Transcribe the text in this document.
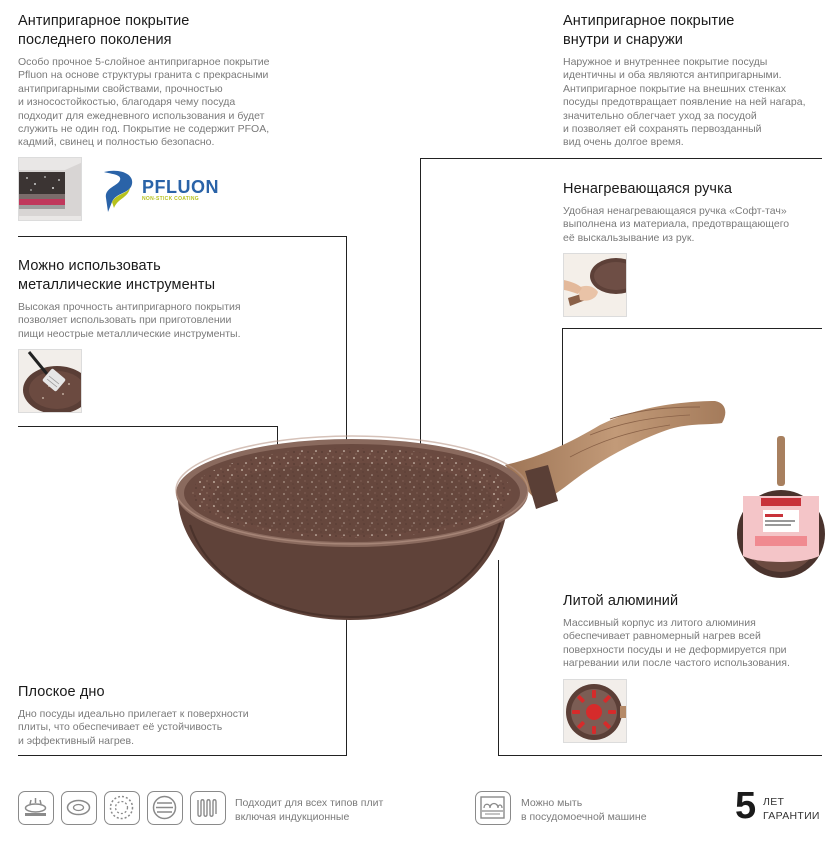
Антипригарное покрытие
последнего поколения
Особо прочное 5-слойное антипригарное покрытие
Pfluon на основе структуры гранита с прекрасными
антипригарными свойствами, прочностью
и износостойкостью, благодаря чему посуда
подходит для ежедневного использования и будет
служить не один год. Покрытие не содержит PFOA,
кадмий, свинец и полностью безопасно.
PFLUON
NON-STICK COATING
Антипригарное покрытие
внутри и снаружи
Наружное и внутреннее покрытие посуды
идентичны и оба являются антипригарными.
Антипригарное покрытие на внешних стенках
посуды предотвращает появление на ней нагара,
значительно облегчает уход за посудой
и позволяет ей сохранять первозданный
вид очень долгое время.
Ненагревающаяся ручка
Удобная ненагревающаяся ручка «Софт-тач»
выполнена из материала, предотвращающего
её выскальзывание из рук.
Можно использовать
металлические инструменты
Высокая прочность антипригарного покрытия
позволяет использовать при приготовлении
пищи неострые металлические инструменты.
Литой алюминий
Массивный корпус из литого алюминия
обеспечивает равномерный нагрев всей
поверхности посуды и не деформируется при
нагревании или после частого использования.
Плоское дно
Дно посуды идеально прилегает к поверхности
плиты, что обеспечивает её устойчивость
и эффективный нагрев.
Подходит для всех типов плит
включая индукционные
Можно мыть
в посудомоечной машине 5 ЛЕТ
ГАРАНТИИ
